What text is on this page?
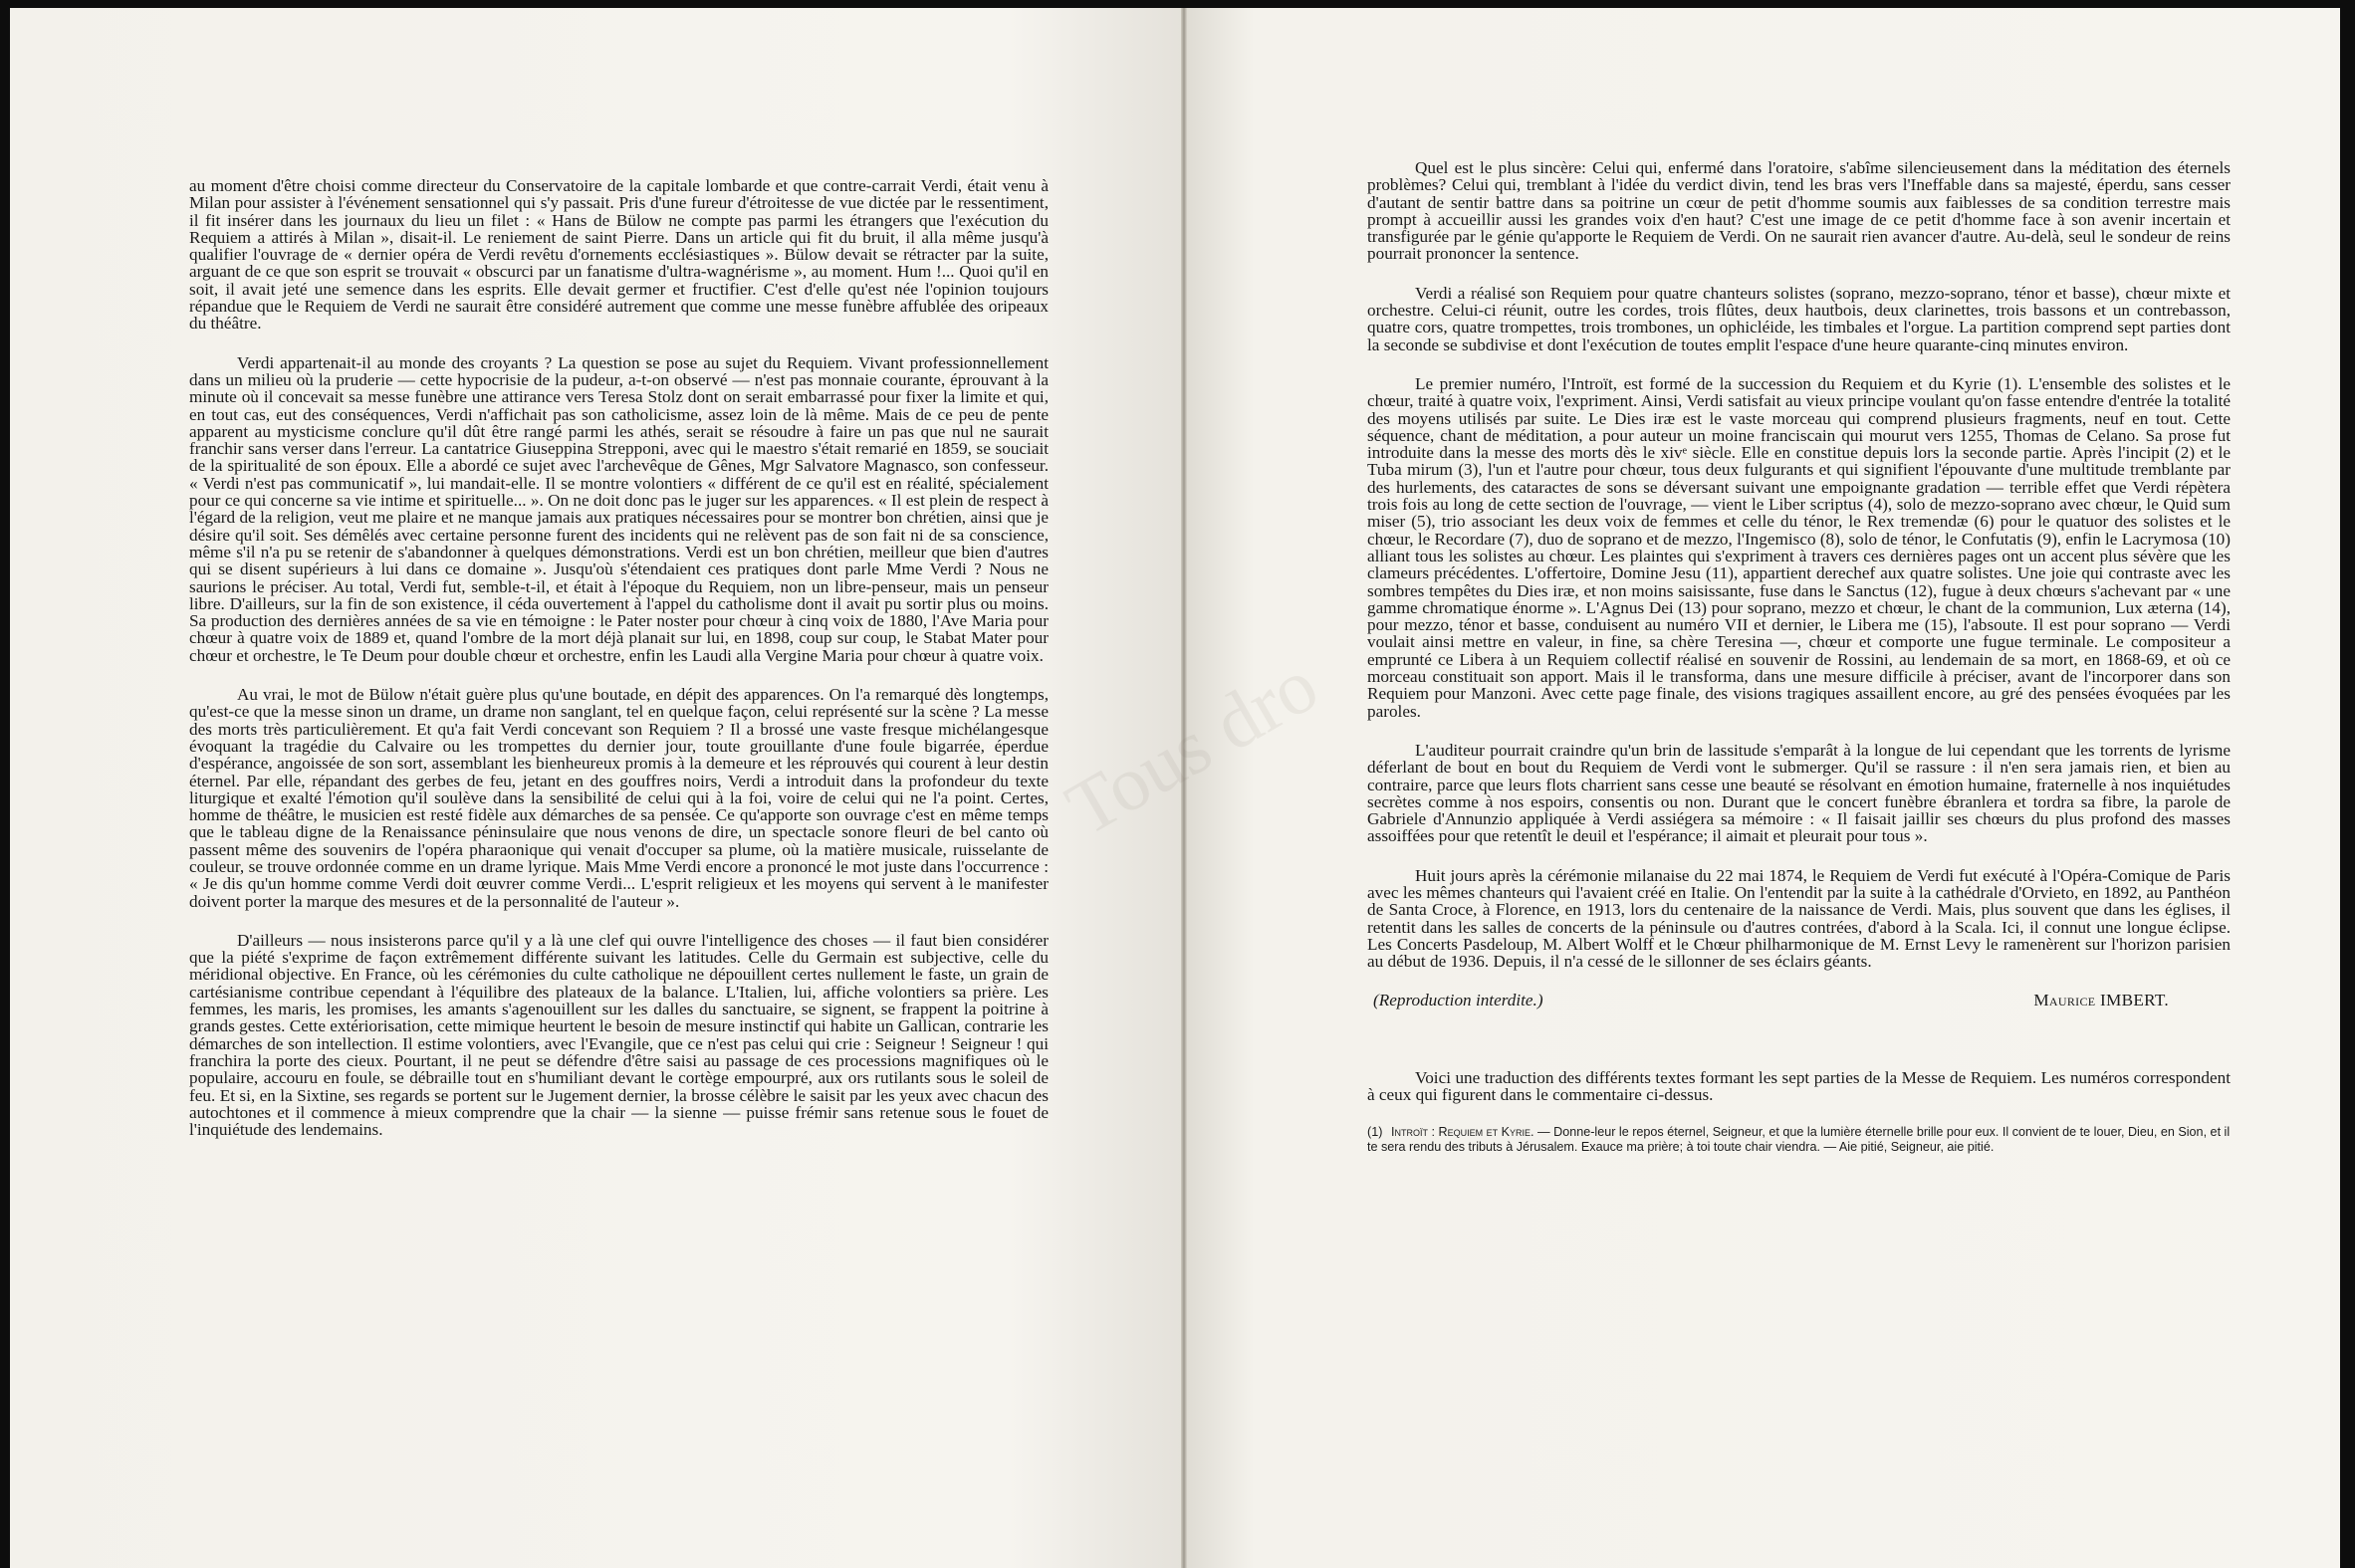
au moment d'être choisi comme directeur du Conservatoire de la capitale lombarde et que contre-carrait Verdi, était venu à Milan pour assister à l'événement sensationnel qui s'y passait. Pris d'une fureur d'étroitesse de vue dictée par le ressentiment, il fit insérer dans les journaux du lieu un filet : « Hans de Bülow ne compte pas parmi les étrangers que l'exécution du Requiem a attirés à Milan », disait-il. Le reniement de saint Pierre. Dans un article qui fit du bruit, il alla même jusqu'à qualifier l'ouvrage de « dernier opéra de Verdi revêtu d'ornements ecclésiastiques ». Bülow devait se rétracter par la suite, arguant de ce que son esprit se trouvait « obscurci par un fanatisme d'ultra-wagnérisme », au moment. Hum !... Quoi qu'il en soit, il avait jeté une semence dans les esprits. Elle devait germer et fructifier. C'est d'elle qu'est née l'opinion toujours répandue que le Requiem de Verdi ne saurait être considéré autrement que comme une messe funèbre affublée des oripeaux du théâtre.

Verdi appartenait-il au monde des croyants ? La question se pose au sujet du Requiem. Vivant professionnellement dans un milieu où la pruderie — cette hypocrisie de la pudeur, a-t-on observé — n'est pas monnaie courante, éprouvant à la minute où il concevait sa messe funèbre une attirance vers Teresa Stolz dont on serait embarrassé pour fixer la limite et qui, en tout cas, eut des conséquences, Verdi n'affichait pas son catholicisme, assez loin de là même. Mais de ce peu de pente apparent au mysticisme conclure qu'il dût être rangé parmi les athés, serait se résoudre à faire un pas que nul ne saurait franchir sans verser dans l'erreur. La cantatrice Giuseppina Strepponi, avec qui le maestro s'était remarié en 1859, se souciait de la spiritualité de son époux. Elle a abordé ce sujet avec l'archevêque de Gênes, Mgr Salvatore Magnasco, son confesseur. « Verdi n'est pas communicatif », lui mandait-elle. Il se montre volontiers « différent de ce qu'il est en réalité, spécialement pour ce qui concerne sa vie intime et spirituelle... ». On ne doit donc pas le juger sur les apparences. « Il est plein de respect à l'égard de la religion, veut me plaire et ne manque jamais aux pratiques nécessaires pour se montrer bon chrétien, ainsi que je désire qu'il soit. Ses démêlés avec certaine personne furent des incidents qui ne relèvent pas de son fait ni de sa conscience, même s'il n'a pu se retenir de s'abandonner à quelques démonstrations. Verdi est un bon chrétien, meilleur que bien d'autres qui se disent supérieurs à lui dans ce domaine ». Jusqu'où s'étendaient ces pratiques dont parle Mme Verdi ? Nous ne saurions le préciser. Au total, Verdi fut, semble-t-il, et était à l'époque du Requiem, non un libre-penseur, mais un penseur libre. D'ailleurs, sur la fin de son existence, il céda ouvertement à l'appel du catholisme dont il avait pu sortir plus ou moins. Sa production des dernières années de sa vie en témoigne : le Pater noster pour chœur à cinq voix de 1880, l'Ave Maria pour chœur à quatre voix de 1889 et, quand l'ombre de la mort déjà planait sur lui, en 1898, coup sur coup, le Stabat Mater pour chœur et orchestre, le Te Deum pour double chœur et orchestre, enfin les Laudi alla Vergine Maria pour chœur à quatre voix.

Au vrai, le mot de Bülow n'était guère plus qu'une boutade, en dépit des apparences. On l'a remarqué dès longtemps, qu'est-ce que la messe sinon un drame, un drame non sanglant, tel en quelque façon, celui représenté sur la scène ? La messe des morts très particulièrement. Et qu'a fait Verdi concevant son Requiem ? Il a brossé une vaste fresque michélangesque évoquant la tragédie du Calvaire ou les trompettes du dernier jour, toute grouillante d'une foule bigarrée, éperdue d'espérance, angoissée de son sort, assemblant les bienheureux promis à la demeure et les réprouvés qui courent à leur destin éternel. Par elle, répandant des gerbes de feu, jetant en des gouffres noirs, Verdi a introduit dans la profondeur du texte liturgique et exalté l'émotion qu'il soulève dans la sensibilité de celui qui à la foi, voire de celui qui ne l'a point. Certes, homme de théâtre, le musicien est resté fidèle aux démarches de sa pensée. Ce qu'apporte son ouvrage c'est en même temps que le tableau digne de la Renaissance péninsulaire que nous venons de dire, un spectacle sonore fleuri de bel canto où passent même des souvenirs de l'opéra pharaonique qui venait d'occuper sa plume, où la matière musicale, ruisselante de couleur, se trouve ordonnée comme en un drame lyrique. Mais Mme Verdi encore a prononcé le mot juste dans l'occurrence : « Je dis qu'un homme comme Verdi doit œuvrer comme Verdi... L'esprit religieux et les moyens qui servent à le manifester doivent porter la marque des mesures et de la personnalité de l'auteur ».

D'ailleurs — nous insisterons parce qu'il y a là une clef qui ouvre l'intelligence des choses — il faut bien considérer que la piété s'exprime de façon extrêmement différente suivant les latitudes. Celle du Germain est subjective, celle du méridional objective. En France, où les cérémonies du culte catholique ne dépouillent certes nullement le faste, un grain de cartésianisme contribue cependant à l'équilibre des plateaux de la balance. L'Italien, lui, affiche volontiers sa prière. Les femmes, les maris, les promises, les amants s'agenouillent sur les dalles du sanctuaire, se signent, se frappent la poitrine à grands gestes. Cette extériorisation, cette mimique heurtent le besoin de mesure instinctif qui habite un Gallican, contrarie les démarches de son intellection. Il estime volontiers, avec l'Evangile, que ce n'est pas celui qui crie : Seigneur ! Seigneur ! qui franchira la porte des cieux. Pourtant, il ne peut se défendre d'être saisi au passage de ces processions magnifiques où le populaire, accouru en foule, se débraille tout en s'humiliant devant le cortège empourpré, aux ors rutilants sous le soleil de feu. Et si, en la Sixtine, ses regards se portent sur le Jugement dernier, la brosse célèbre le saisit par les yeux avec chacun des autochtones et il commence à mieux comprendre que la chair — la sienne — puisse frémir sans retenue sous le fouet de l'inquiétude des lendemains.

Quel est le plus sincère: Celui qui, enfermé dans l'oratoire, s'abîme silencieusement dans la méditation des éternels problèmes? Celui qui, tremblant à l'idée du verdict divin, tend les bras vers l'Ineffable dans sa majesté, éperdu, sans cesser d'autant de sentir battre dans sa poitrine un cœur de petit d'homme soumis aux faiblesses de sa condition terrestre mais prompt à accueillir aussi les grandes voix d'en haut? C'est une image de ce petit d'homme face à son avenir incertain et transfigurée par le génie qu'apporte le Requiem de Verdi. On ne saurait rien avancer d'autre. Au-delà, seul le sondeur de reins pourrait prononcer la sentence.

Verdi a réalisé son Requiem pour quatre chanteurs solistes (soprano, mezzo-soprano, ténor et basse), chœur mixte et orchestre. Celui-ci réunit, outre les cordes, trois flûtes, deux hautbois, deux clarinettes, trois bassons et un contrebasson, quatre cors, quatre trompettes, trois trombones, un ophicléide, les timbales et l'orgue. La partition comprend sept parties dont la seconde se subdivise et dont l'exécution de toutes emplit l'espace d'une heure quarante-cinq minutes environ.

Le premier numéro, l'Introït, est formé de la succession du Requiem et du Kyrie (1). L'ensemble des solistes et le chœur, traité à quatre voix, l'expriment. Ainsi, Verdi satisfait au vieux principe voulant qu'on fasse entendre d'entrée la totalité des moyens utilisés par suite. Le Dies iræ est le vaste morceau qui comprend plusieurs fragments, neuf en tout. Cette séquence, chant de méditation, a pour auteur un moine franciscain qui mourut vers 1255, Thomas de Celano. Sa prose fut introduite dans la messe des morts dès le xivᵉ siècle. Elle en constitue depuis lors la seconde partie. Après l'incipit (2) et le Tuba mirum (3), l'un et l'autre pour chœur, tous deux fulgurants et qui signifient l'épouvante d'une multitude tremblante par des hurlements, des cataractes de sons se déversant suivant une empoignante gradation — terrible effet que Verdi répètera trois fois au long de cette section de l'ouvrage, — vient le Liber scriptus (4), solo de mezzo-soprano avec chœur, le Quid sum miser (5), trio associant les deux voix de femmes et celle du ténor, le Rex tremendæ (6) pour le quatuor des solistes et le chœur, le Recordare (7), duo de soprano et de mezzo, l'Ingemisco (8), solo de ténor, le Confutatis (9), enfin le Lacrymosa (10) alliant tous les solistes au chœur. Les plaintes qui s'expriment à travers ces dernières pages ont un accent plus sévère que les clameurs précédentes. L'offertoire, Domine Jesu (11), appartient derechef aux quatre solistes. Une joie qui contraste avec les sombres tempêtes du Dies iræ, et non moins saisissante, fuse dans le Sanctus (12), fugue à deux chœurs s'achevant par « une gamme chromatique énorme ». L'Agnus Dei (13) pour soprano, mezzo et chœur, le chant de la communion, Lux æterna (14), pour mezzo, ténor et basse, conduisent au numéro VII et dernier, le Libera me (15), l'absoute. Il est pour soprano — Verdi voulait ainsi mettre en valeur, in fine, sa chère Teresina —, chœur et comporte une fugue terminale. Le compositeur a emprunté ce Libera à un Requiem collectif réalisé en souvenir de Rossini, au lendemain de sa mort, en 1868-69, et où ce morceau constituait son apport. Mais il le transforma, dans une mesure difficile à préciser, avant de l'incorporer dans son Requiem pour Manzoni. Avec cette page finale, des visions tragiques assaillent encore, au gré des pensées évoquées par les paroles.

L'auditeur pourrait craindre qu'un brin de lassitude s'emparât à la longue de lui cependant que les torrents de lyrisme déferlant de bout en bout du Requiem de Verdi vont le submerger. Qu'il se rassure : il n'en sera jamais rien, et bien au contraire, parce que leurs flots charrient sans cesse une beauté se résolvant en émotion humaine, fraternelle à nos inquiétudes secrètes comme à nos espoirs, consentis ou non. Durant que le concert funèbre ébranlera et tordra sa fibre, la parole de Gabriele d'Annunzio appliquée à Verdi assiégera sa mémoire : « Il faisait jaillir ses chœurs du plus profond des masses assoiffées pour que retentît le deuil et l'espérance; il aimait et pleurait pour tous ».

Huit jours après la cérémonie milanaise du 22 mai 1874, le Requiem de Verdi fut exécuté à l'Opéra-Comique de Paris avec les mêmes chanteurs qui l'avaient créé en Italie. On l'entendit par la suite à la cathédrale d'Orvieto, en 1892, au Panthéon de Santa Croce, à Florence, en 1913, lors du centenaire de la naissance de Verdi. Mais, plus souvent que dans les églises, il retentit dans les salles de concerts de la péninsule ou d'autres contrées, d'abord à la Scala. Ici, il connut une longue éclipse. Les Concerts Pasdeloup, M. Albert Wolff et le Chœur philharmonique de M. Ernst Levy le ramenèrent sur l'horizon parisien au début de 1936. Depuis, il n'a cessé de le sillonner de ses éclairs géants.

(Reproduction interdite.)	Maurice IMBERT.

Voici une traduction des différents textes formant les sept parties de la Messe de Requiem. Les numéros correspondent à ceux qui figurent dans le commentaire ci-dessus.

(1) Introït : Requiem et Kyrie. — Donne-leur le repos éternel, Seigneur, et que la lumière éternelle brille pour eux. Il convient de te louer, Dieu, en Sion, et il te sera rendu des tributs à Jérusalem. Exauce ma prière; à toi toute chair viendra. — Aie pitié, Seigneur, aie pitié.
